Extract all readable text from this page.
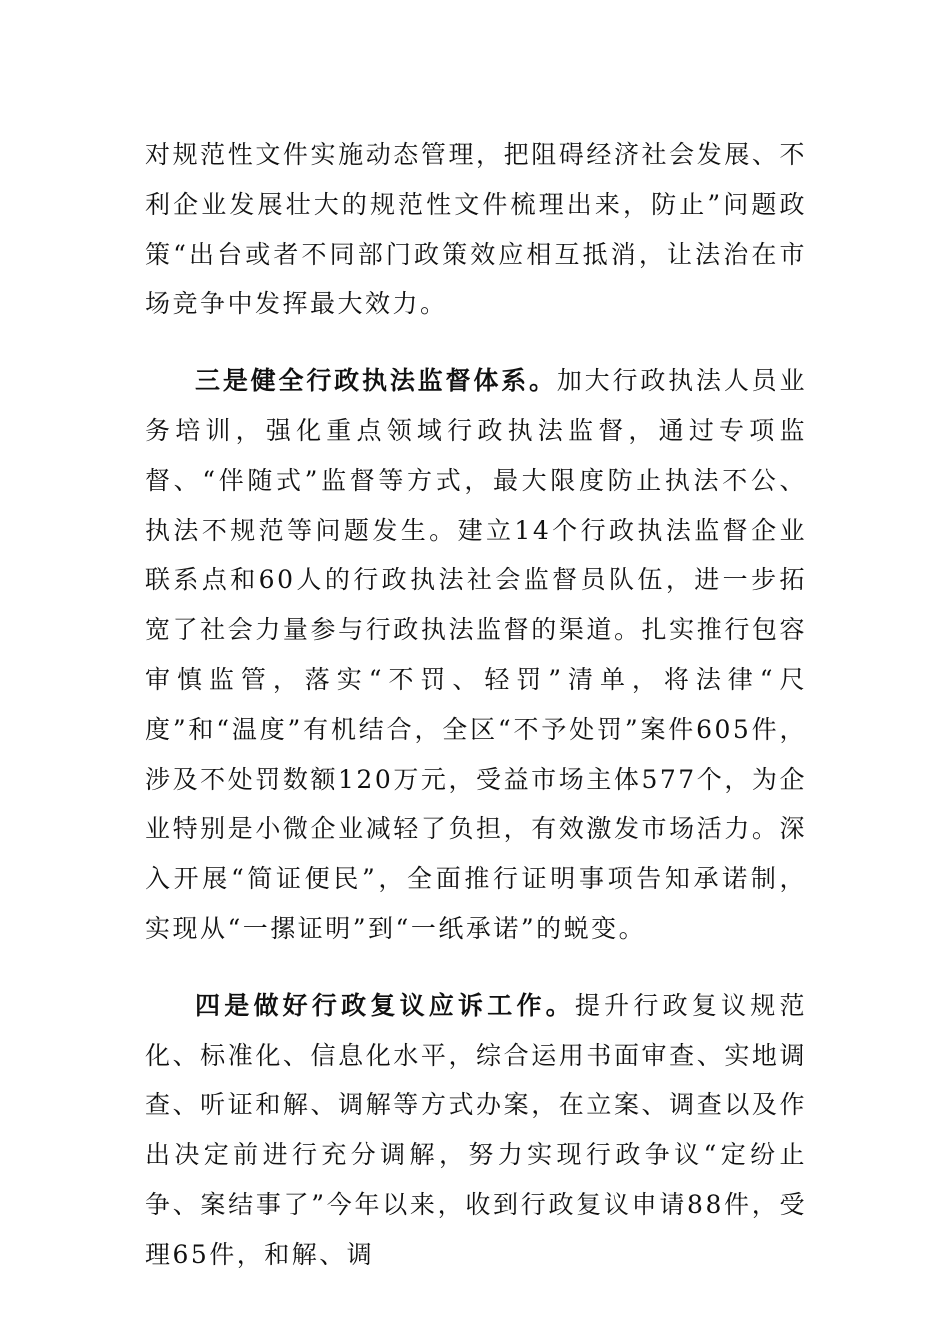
对规范性文件实施动态管理，把阻碍经济社会发展、不利企业发展壮大的规范性文件梳理出来，防止”问题政策“出台或者不同部门政策效应相互抵消，让法治在市场竞争中发挥最大效力。

三是健全行政执法监督体系。加大行政执法人员业务培训，强化重点领域行政执法监督，通过专项监督、“伴随式”监督等方式，最大限度防止执法不公、执法不规范等问题发生。建立14个行政执法监督企业联系点和60人的行政执法社会监督员队伍，进一步拓宽了社会力量参与行政执法监督的渠道。扎实推行包容审慎监管，落实“不罚、轻罚”清单，将法律“尺度”和“温度”有机结合，全区“不予处罚”案件605件，涉及不处罚数额120万元，受益市场主体577个，为企业特别是小微企业减轻了负担，有效激发市场活力。深入开展“简证便民”，全面推行证明事项告知承诺制，实现从“一摞证明”到“一纸承诺”的蜕变。

四是做好行政复议应诉工作。提升行政复议规范化、标准化、信息化水平，综合运用书面审查、实地调查、听证和解、调解等方式办案，在立案、调查以及作出决定前进行充分调解，努力实现行政争议“定纷止争、案结事了”今年以来，收到行政复议申请88件，受理65件，和解、调
